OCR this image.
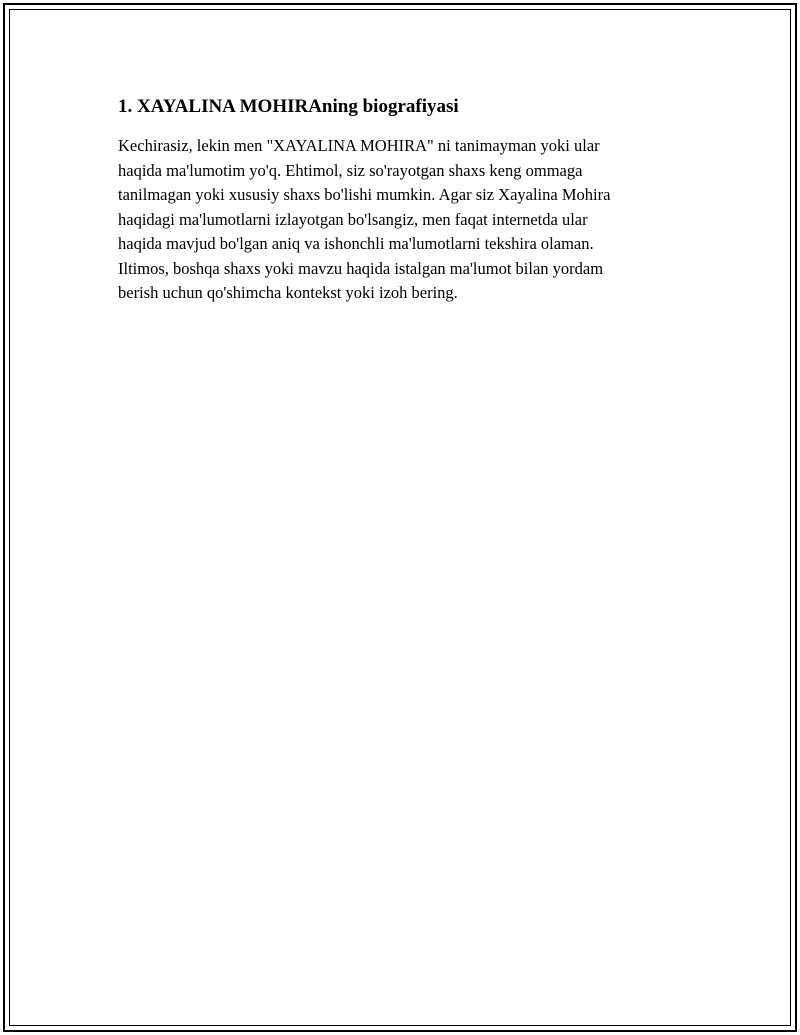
1. XAYALINA MOHIRAning biografiyasi

Kechirasiz, lekin men "XAYALINA MOHIRA" ni tanimayman yoki ular

haqida ma'lumotim yo'q. Ehtimol, siz so'rayotgan shaxs keng ommaga

tanilmagan yoki xususiy shaxs bo'lishi mumkin. Agar siz Xayalina Mohira

haqidagi ma'lumotlarni izlayotgan bo'lsangiz, men faqat internetda ular

haqida mavjud bo'lgan aniq va ishonchli ma'lumotlarni tekshira olaman.

Iltimos, boshqa shaxs yoki mavzu haqida istalgan ma'lumot bilan yordam

berish uchun qo'shimcha kontekst yoki izoh bering.
